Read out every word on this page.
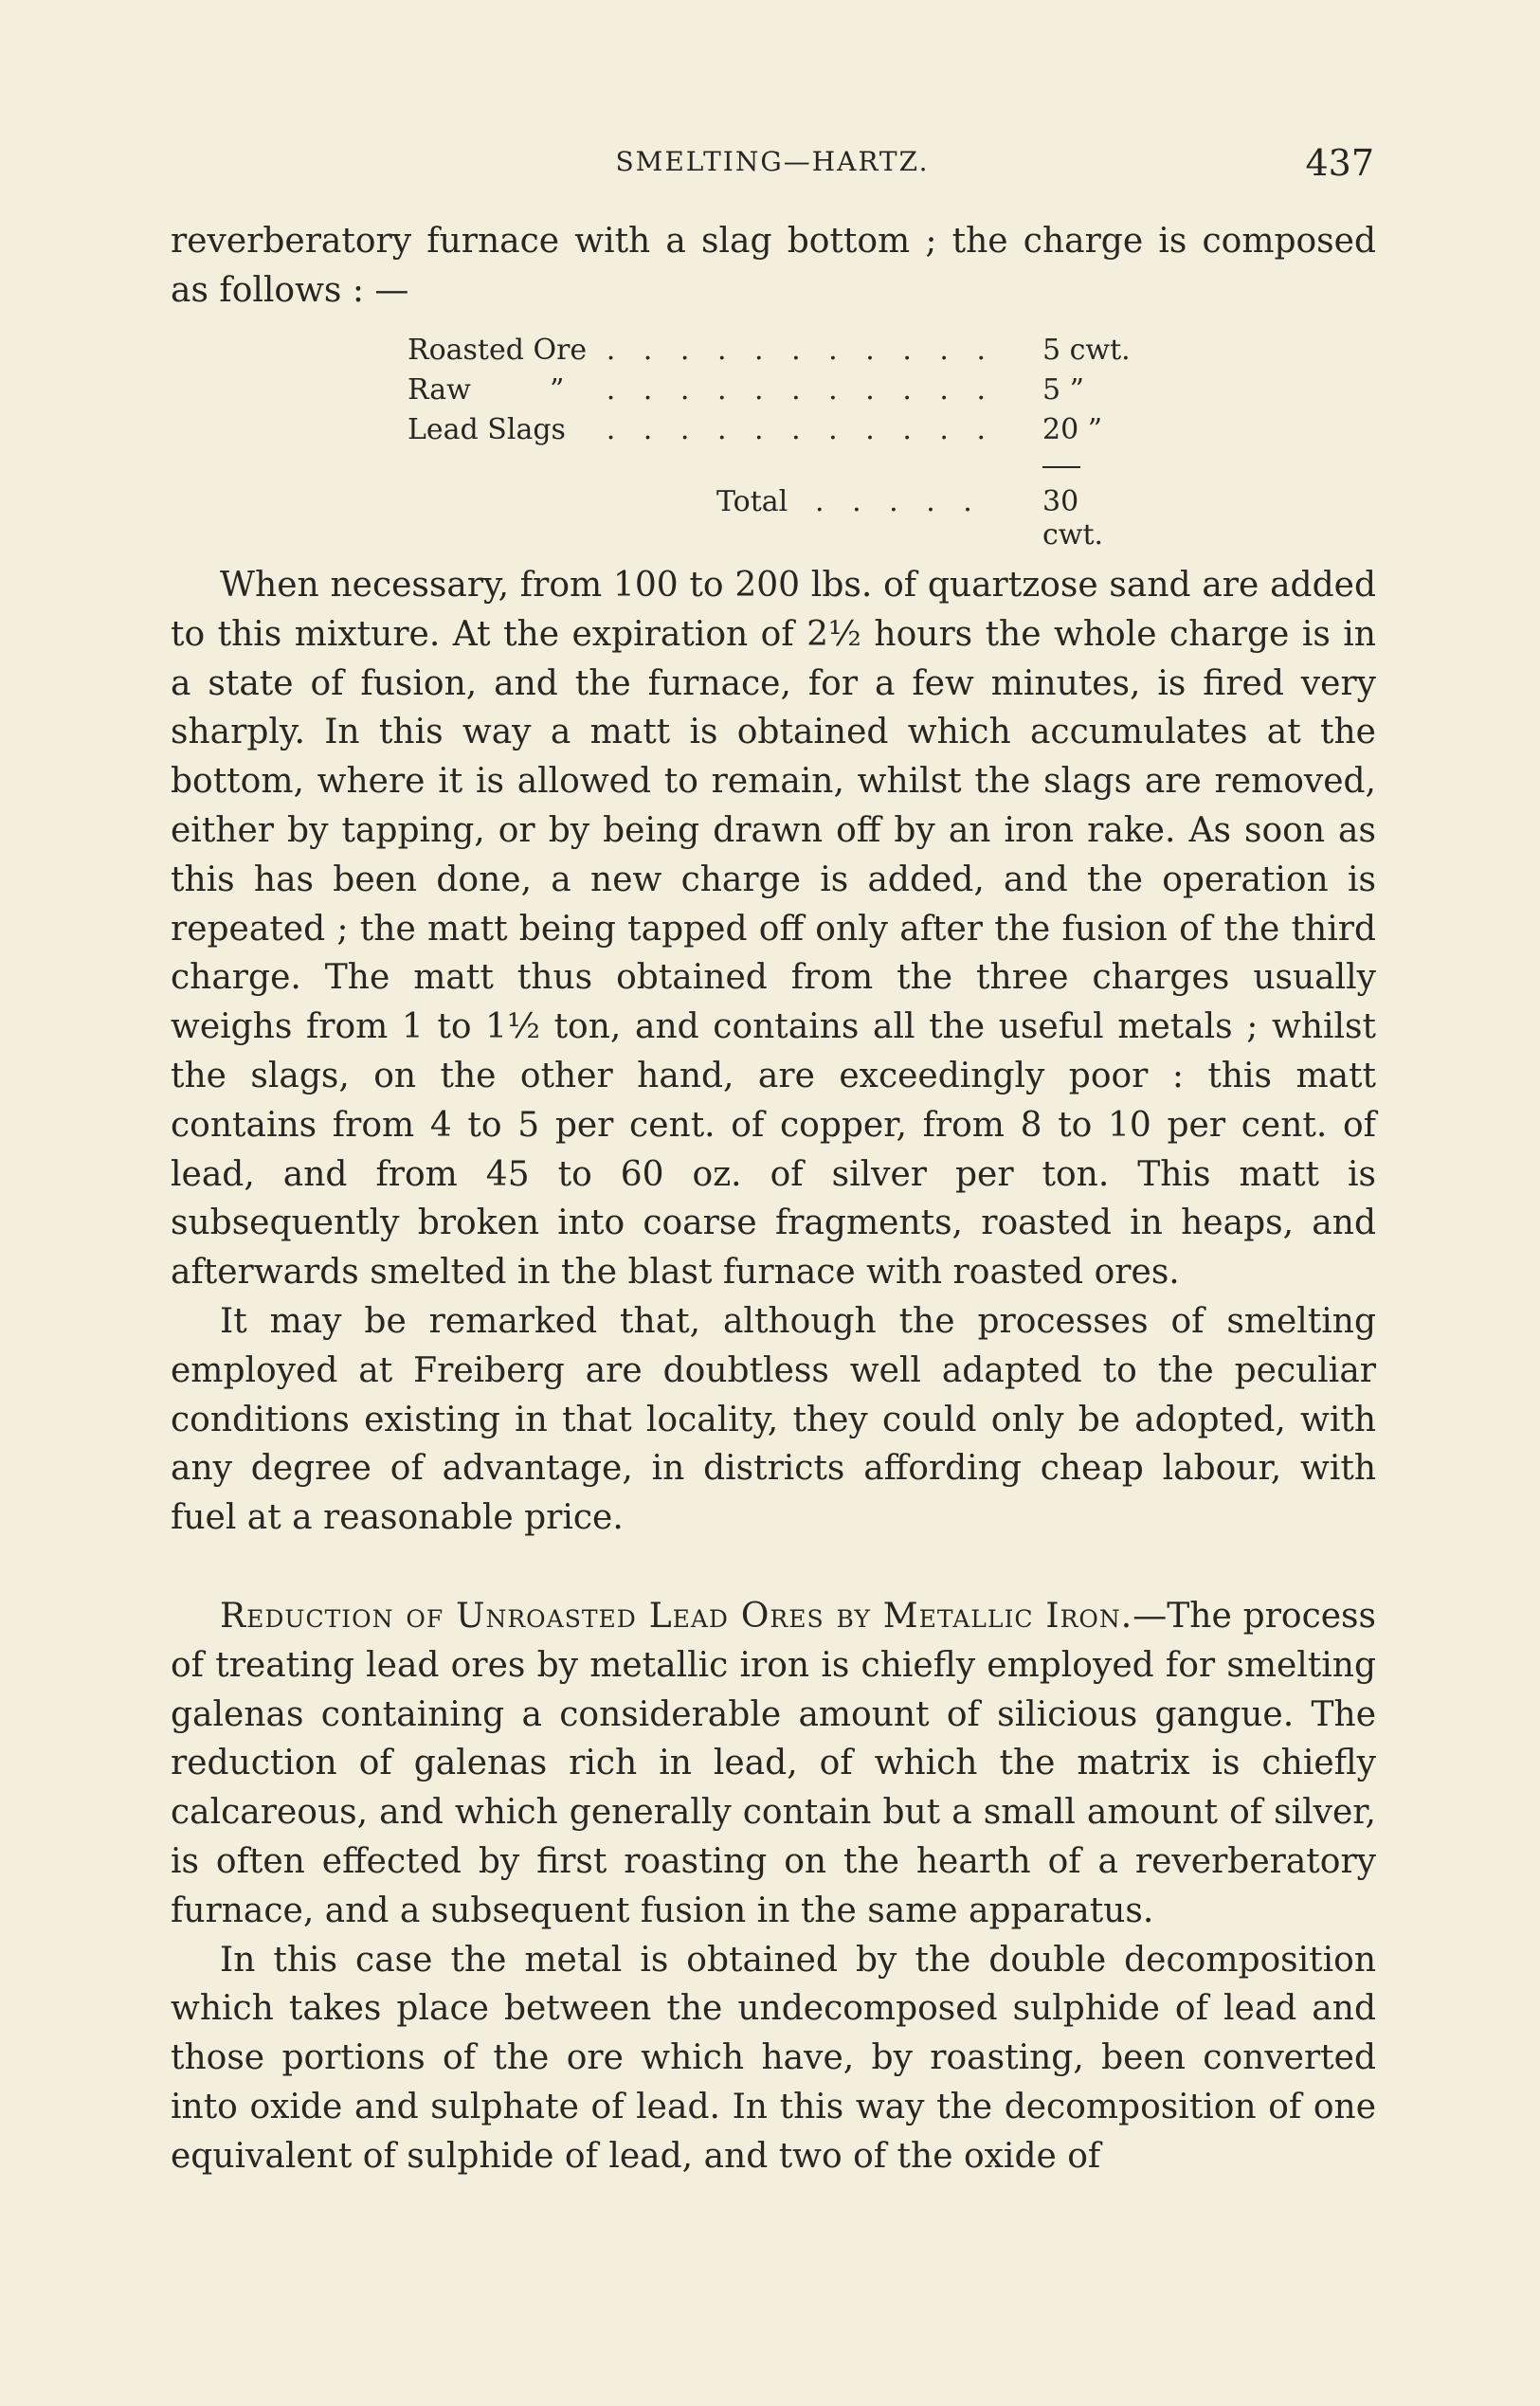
SMELTING—HARTZ.	437

reverberatory furnace with a slag bottom ; the charge is composed as follows : —

Roasted Ore . . . . . . . . . . . 5 cwt.
Raw	”	. . . . . . . . . . . 5 ”
Lead Slags	. . . . . . . . . . . 20 ”
Total . . . . . 30 cwt.

When necessary, from 100 to 200 lbs. of quartzose sand are added to this mixture. At the expiration of 2½ hours the whole charge is in a state of fusion, and the furnace, for a few minutes, is fired very sharply. In this way a matt is obtained which accumulates at the bottom, where it is allowed to remain, whilst the slags are removed, either by tapping, or by being drawn off by an iron rake. As soon as this has been done, a new charge is added, and the operation is repeated ; the matt being tapped off only after the fusion of the third charge. The matt thus obtained from the three charges usually weighs from 1 to 1½ ton, and contains all the useful metals ; whilst the slags, on the other hand, are exceedingly poor : this matt contains from 4 to 5 per cent. of copper, from 8 to 10 per cent. of lead, and from 45 to 60 oz. of silver per ton. This matt is subsequently broken into coarse fragments, roasted in heaps, and afterwards smelted in the blast furnace with roasted ores.

It may be remarked that, although the processes of smelting employed at Freiberg are doubtless well adapted to the peculiar conditions existing in that locality, they could only be adopted, with any degree of advantage, in districts affording cheap labour, with fuel at a reasonable price.

Reduction of Unroasted Lead Ores by Metallic Iron.—The process of treating lead ores by metallic iron is chiefly employed for smelting galenas containing a considerable amount of silicious gangue. The reduction of galenas rich in lead, of which the matrix is chiefly calcareous, and which generally contain but a small amount of silver, is often effected by first roasting on the hearth of a reverberatory furnace, and a subsequent fusion in the same apparatus.

In this case the metal is obtained by the double decomposition which takes place between the undecomposed sulphide of lead and those portions of the ore which have, by roasting, been converted into oxide and sulphate of lead. In this way the decomposition of one equivalent of sulphide of lead, and two of the oxide of
